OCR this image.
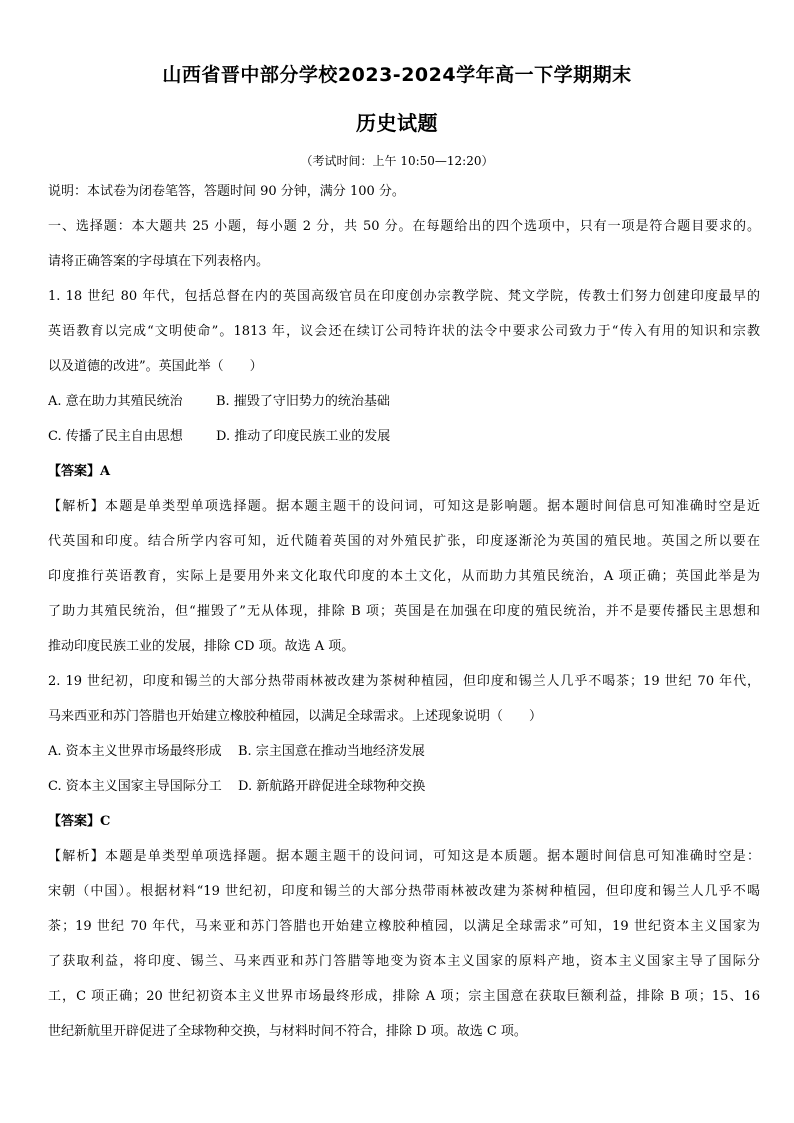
山西省晋中部分学校2023-2024学年高一下学期期末
历史试题
（考试时间：上午 10:50—12:20）
说明：本试卷为闭卷笔答，答题时间 90 分钟，满分 100 分。
一、选择题：本大题共 25 小题，每小题 2 分，共 50 分。在每题给出的四个选项中，只有一项是符合题目要求的。
请将正确答案的字母填在下列表格内。
1. 18 世纪 80 年代，包括总督在内的英国高级官员在印度创办宗教学院、梵文学院，传教士们努力创建印度最早的
英语教育以完成“文明使命”。1813 年，议会还在续订公司特许状的法令中要求公司致力于“传入有用的知识和宗教
以及道德的改进”。英国此举（　　）
A. 意在助力其殖民统治	B. 摧毁了守旧势力的统治基础
C. 传播了民主自由思想	D. 推动了印度民族工业的发展
【答案】A
【解析】本题是单类型单项选择题。据本题主题干的设问词，可知这是影响题。据本题时间信息可知准确时空是近
代英国和印度。结合所学内容可知，近代随着英国的对外殖民扩张，印度逐渐沦为英国的殖民地。英国之所以要在
印度推行英语教育，实际上是要用外来文化取代印度的本土文化，从而助力其殖民统治，A 项正确；英国此举是为
了助力其殖民统治，但“摧毁了”无从体现，排除 B 项；英国是在加强在印度的殖民统治，并不是要传播民主思想和
推动印度民族工业的发展，排除 CD 项。故选 A 项。
2. 19 世纪初，印度和锡兰的大部分热带雨林被改建为茶树种植园，但印度和锡兰人几乎不喝茶；19 世纪 70 年代，
马来西亚和苏门答腊也开始建立橡胶种植园，以满足全球需求。上述现象说明（　　）
A. 资本主义世界市场最终形成 B. 宗主国意在推动当地经济发展
C. 资本主义国家主导国际分工 D. 新航路开辟促进全球物种交换
【答案】C
【解析】本题是单类型单项选择题。据本题主题干的设问词，可知这是本质题。据本题时间信息可知准确时空是：
宋朝（中国）。根据材料“19 世纪初，印度和锡兰的大部分热带雨林被改建为茶树种植园，但印度和锡兰人几乎不喝
茶；19 世纪 70 年代，马来亚和苏门答腊也开始建立橡胶种植园，以满足全球需求”可知，19 世纪资本主义国家为
了获取利益，将印度、锡兰、马来西亚和苏门答腊等地变为资本主义国家的原料产地，资本主义国家主导了国际分
工，C 项正确；20 世纪初资本主义世界市场最终形成，排除 A 项；宗主国意在获取巨额利益，排除 B 项；15、16
世纪新航里开辟促进了全球物种交换，与材料时间不符合，排除 D 项。故选 C 项。
